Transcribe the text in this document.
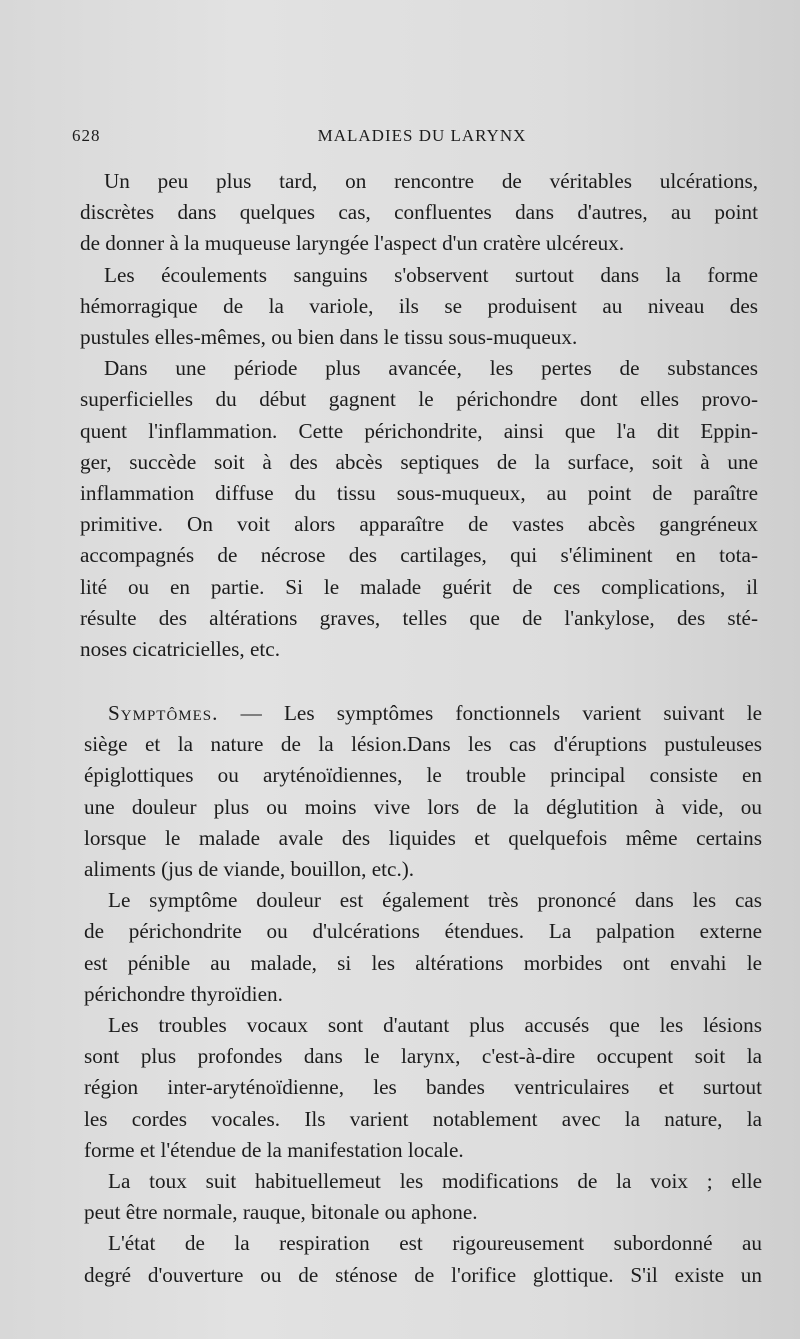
628	MALADIES DU LARYNX
Un peu plus tard, on rencontre de véritables ulcérations,
discrètes dans quelques cas, confluentes dans d'autres, au point
de donner à la muqueuse laryngée l'aspect d'un cratère ulcéreux.
Les écoulements sanguins s'observent surtout dans la forme
hémorragique de la variole, ils se produisent au niveau des
pustules elles-mêmes, ou bien dans le tissu sous-muqueux.
Dans une période plus avancée, les pertes de substances
superficielles du début gagnent le périchondre dont elles provo-
quent l'inflammation. Cette périchondrite, ainsi que l'a dit Eppin-
ger, succède soit à des abcès septiques de la surface, soit à une
inflammation diffuse du tissu sous-muqueux, au point de paraître
primitive. On voit alors apparaître de vastes abcès gangréneux
accompagnés de nécrose des cartilages, qui s'éliminent en tota-
lité ou en partie. Si le malade guérit de ces complications, il
résulte des altérations graves, telles que de l'ankylose, des sté-
noses cicatricielles, etc.
Symptômes. — Les symptômes fonctionnels varient suivant le
siège et la nature de la lésion.Dans les cas d'éruptions pustuleuses
épiglottiques ou aryténoïdiennes, le trouble principal consiste en
une douleur plus ou moins vive lors de la déglutition à vide, ou
lorsque le malade avale des liquides et quelquefois même certains
aliments (jus de viande, bouillon, etc.).
Le symptôme douleur est également très prononcé dans les cas
de périchondrite ou d'ulcérations étendues. La palpation externe
est pénible au malade, si les altérations morbides ont envahi le
périchondre thyroïdien.
Les troubles vocaux sont d'autant plus accusés que les lésions
sont plus profondes dans le larynx, c'est-à-dire occupent soit la
région inter-aryténoïdienne, les bandes ventriculaires et surtout
les cordes vocales. Ils varient notablement avec la nature, la
forme et l'étendue de la manifestation locale.
La toux suit habituellemeut les modifications de la voix ; elle
peut être normale, rauque, bitonale ou aphone.
L'état de la respiration est rigoureusement subordonné au
degré d'ouverture ou de sténose de l'orifice glottique. S'il existe un
